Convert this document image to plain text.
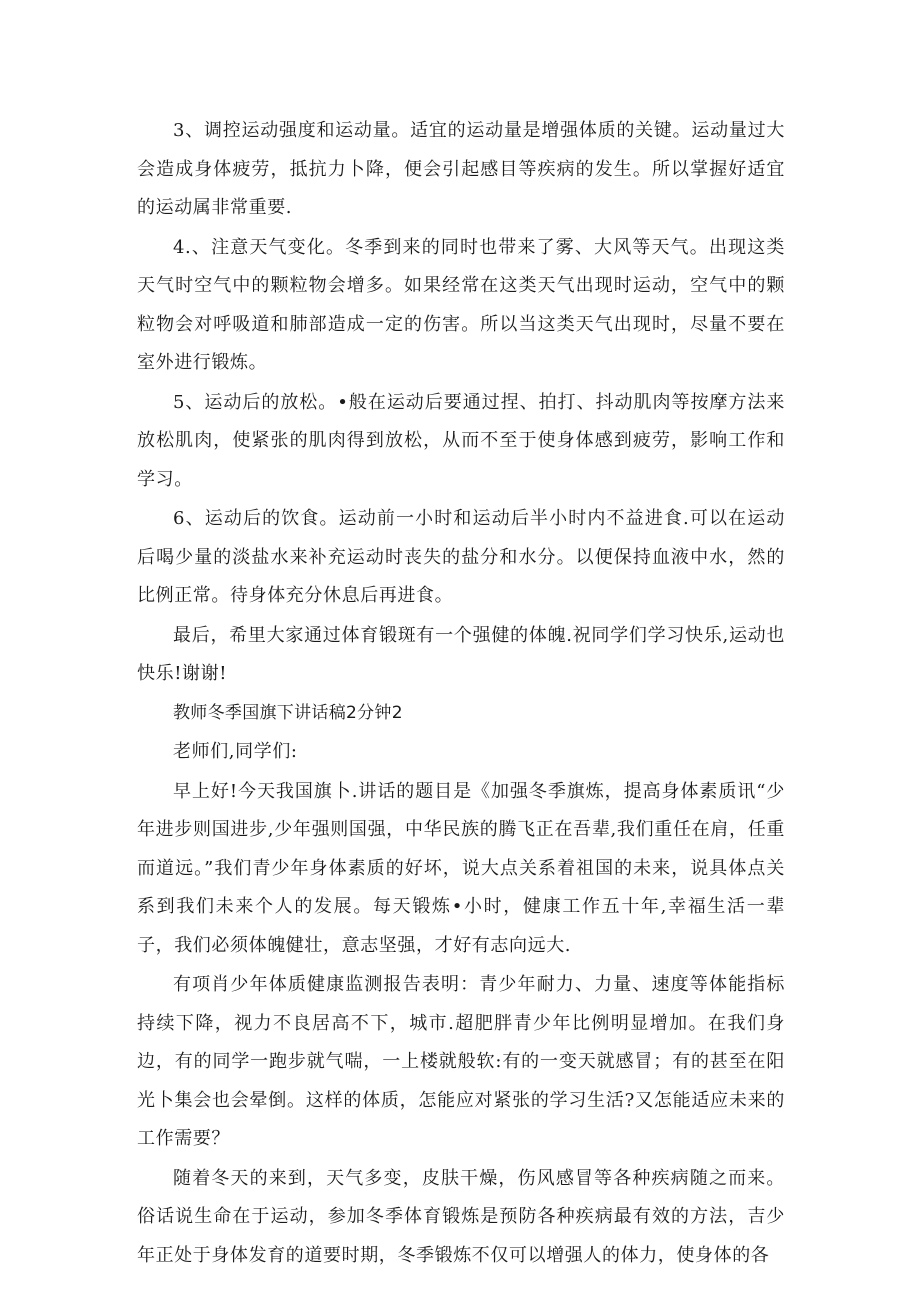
3、调控运动强度和运动量。适宜的运动量是增强体质的关键。运动量过大会造成身体疲劳，抵抗力卜降，便会引起感目等疾病的发生。所以掌握好适宜的运动属非常重要.

4.、注意天气变化。冬季到来的同时也带来了雾、大风等天气。出现这类天气时空气中的颗粒物会增多。如果经常在这类天气出现时运动，空气中的颗粒物会对呼吸道和肺部造成一定的伤害。所以当这类天气出现时，尽量不要在室外进行锻炼。

5、运动后的放松。•般在运动后要通过捏、拍打、抖动肌肉等按摩方法来放松肌肉，使紧张的肌肉得到放松，从而不至于使身体感到疲劳，影响工作和学习。

6、运动后的饮食。运动前一小时和运动后半小时内不益进食.可以在运动后喝少量的淡盐水来补充运动时丧失的盐分和水分。以便保持血液中水，然的比例正常。待身体充分休息后再进食。

最后，希里大家通过体育锻斑有一个强健的体魄.祝同学们学习快乐,运动也快乐!谢谢!

教师冬季国旗下讲话稿2分钟2

老师们,同学们:

早上好!今天我国旗卜.讲话的题目是《加强冬季旗炼，提高身体素质讯“少年进步则国进步,少年强则国强，中华民族的腾飞正在吾辈,我们重任在肩，任重而道远。”我们青少年身体素质的好坏，说大点关系着祖国的未来，说具体点关系到我们未来个人的发展。每天锻炼•小时，健康工作五十年,幸福生活一辈子，我们必须体魄健壮，意志坚强，才好有志向远大.

有项肖少年体质健康监测报告表明：青少年耐力、力量、速度等体能指标持续下降，视力不良居高不下，城市.超肥胖青少年比例明显增加。在我们身边，有的同学一跑步就气喘，一上楼就般软:有的一变天就感冒；有的甚至在阳光卜集会也会晕倒。这样的体质，怎能应对紧张的学习生活?又怎能适应未来的工作需要？

随着冬天的来到，天气多变，皮肤干燥，伤风感冒等各种疾病随之而来。俗话说生命在于运动，参加冬季体育锻炼是预防各种疾病最有效的方法，吉少年正处于身体发育的道要时期，冬季锻炼不仅可以增强人的体力，使身体的各
